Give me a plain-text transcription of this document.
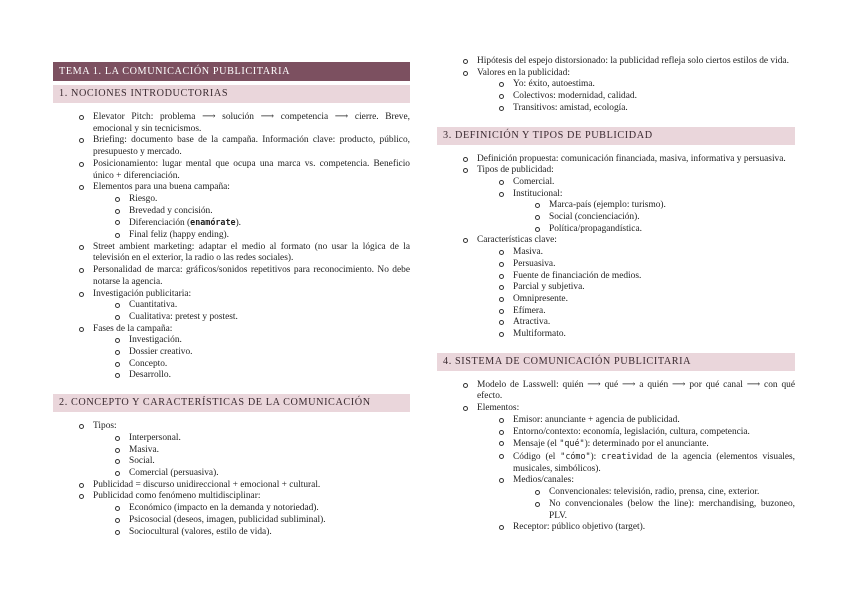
TEMA 1. LA COMUNICACIÓN PUBLICITARIA
1. NOCIONES INTRODUCTORIAS
Elevator Pitch: problema ⟶ solución ⟶ competencia ⟶ cierre. Breve, emocional y sin tecnicismos.
Briefing: documento base de la campaña. Información clave: producto, público, presupuesto y mercado.
Posicionamiento: lugar mental que ocupa una marca vs. competencia. Beneficio único + diferenciación.
Elementos para una buena campaña:
Riesgo.
Brevedad y concisión.
Diferenciación (enamórate).
Final feliz (happy ending).
Street ambient marketing: adaptar el medio al formato (no usar la lógica de la televisión en el exterior, la radio o las redes sociales).
Personalidad de marca: gráficos/sonidos repetitivos para reconocimiento. No debe notarse la agencia.
Investigación publicitaria:
Cuantitativa.
Cualitativa: pretest y postest.
Fases de la campaña:
Investigación.
Dossier creativo.
Concepto.
Desarrollo.
2. CONCEPTO Y CARACTERÍSTICAS DE LA COMUNICACIÓN
Tipos:
Interpersonal.
Masiva.
Social.
Comercial (persuasiva).
Publicidad = discurso unidireccional + emocional + cultural.
Publicidad como fenómeno multidisciplinar:
Económico (impacto en la demanda y notoriedad).
Psicosocial (deseos, imagen, publicidad subliminal).
Sociocultural (valores, estilo de vida).
Hipótesis del espejo distorsionado: la publicidad refleja solo ciertos estilos de vida.
Valores en la publicidad:
Yo: éxito, autoestima.
Colectivos: modernidad, calidad.
Transitivos: amistad, ecología.
3. DEFINICIÓN Y TIPOS DE PUBLICIDAD
Definición propuesta: comunicación financiada, masiva, informativa y persuasiva.
Tipos de publicidad:
Comercial.
Institucional:
Marca-país (ejemplo: turismo).
Social (concienciación).
Política/propagandística.
Características clave:
Masiva.
Persuasiva.
Fuente de financiación de medios.
Parcial y subjetiva.
Omnipresente.
Efímera.
Atractiva.
Multiformato.
4. SISTEMA DE COMUNICACIÓN PUBLICITARIA
Modelo de Lasswell: quién ⟶ qué ⟶ a quién ⟶ por qué canal ⟶ con qué efecto.
Elementos:
Emisor: anunciante + agencia de publicidad.
Entorno/contexto: economía, legislación, cultura, competencia.
Mensaje (el "qué"): determinado por el anunciante.
Código (el "cómo"): creatividad de la agencia (elementos visuales, musicales, simbólicos).
Medios/canales:
Convencionales: televisión, radio, prensa, cine, exterior.
No convencionales (below the line): merchandising, buzoneo, PLV.
Receptor: público objetivo (target).
